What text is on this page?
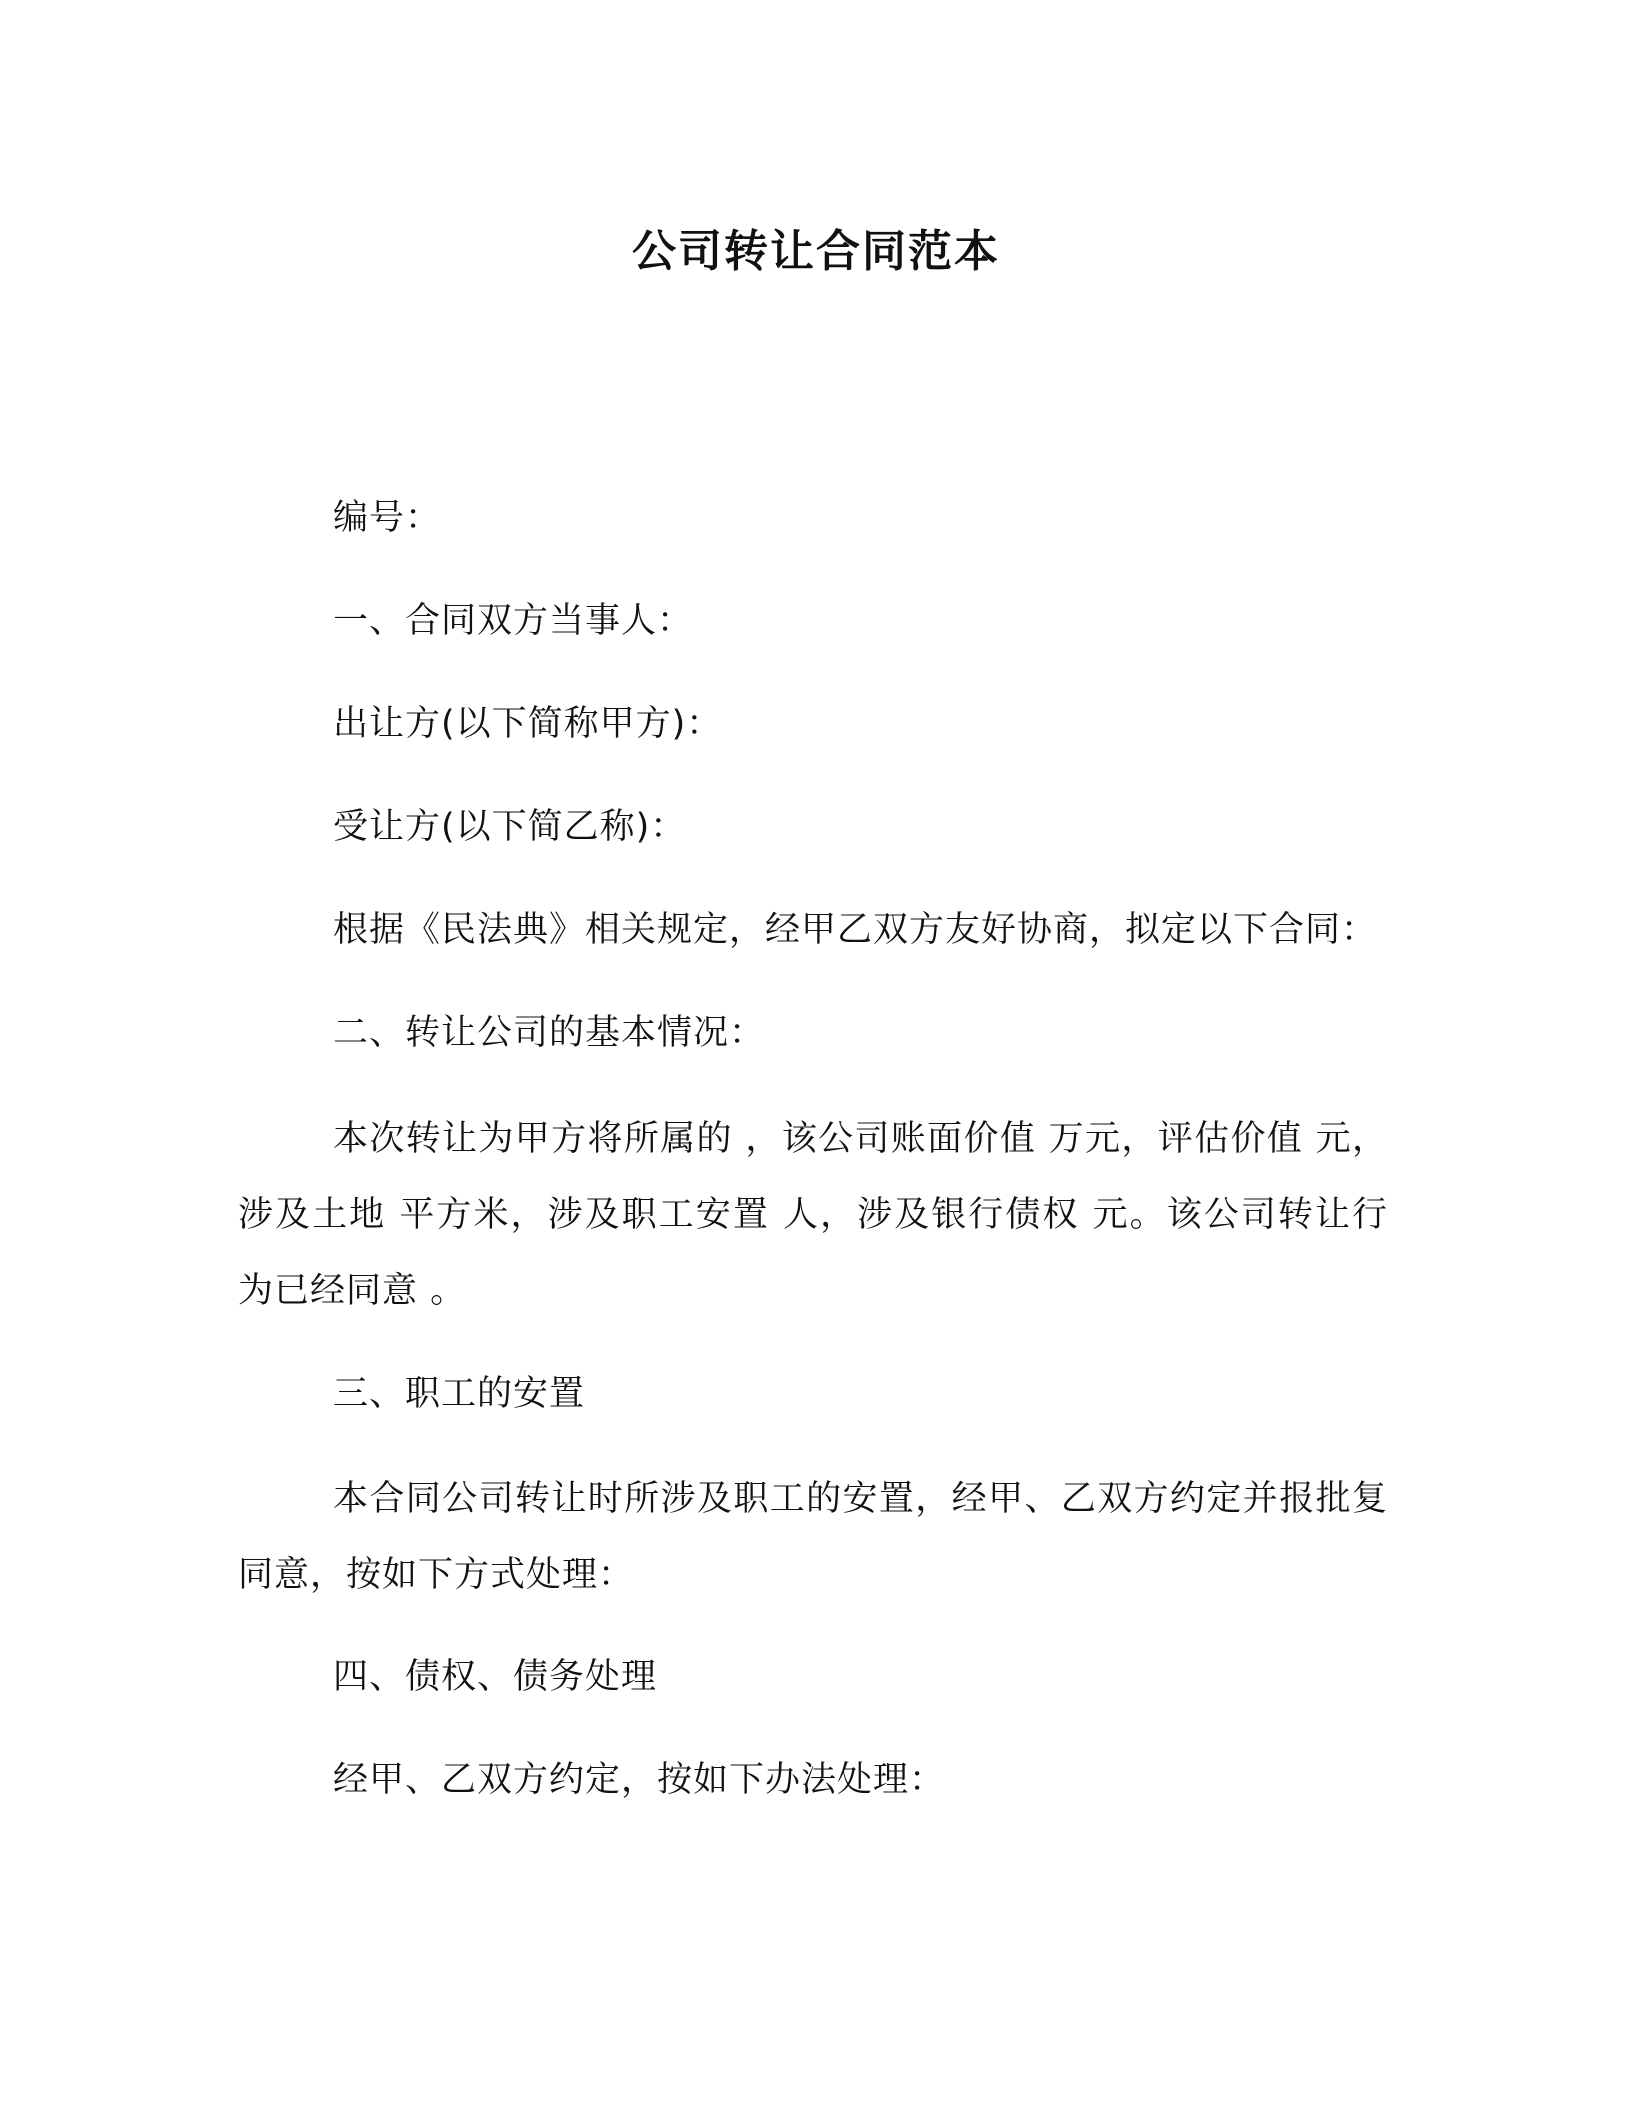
公司转让合同范本
编号：
一、合同双方当事人：
出让方(以下简称甲方)：
受让方(以下简乙称)：
根据《民法典》相关规定，经甲乙双方友好协商，拟定以下合同：
二、转让公司的基本情况：
本次转让为甲方将所属的 ，该公司账面价值 万元，评估价值 元，涉及土地 平方米，涉及职工安置 人，涉及银行债权 元。该公司转让行为已经同意 。
三、职工的安置
本合同公司转让时所涉及职工的安置，经甲、乙双方约定并报批复同意，按如下方式处理：
四、债权、债务处理
经甲、乙双方约定，按如下办法处理：
